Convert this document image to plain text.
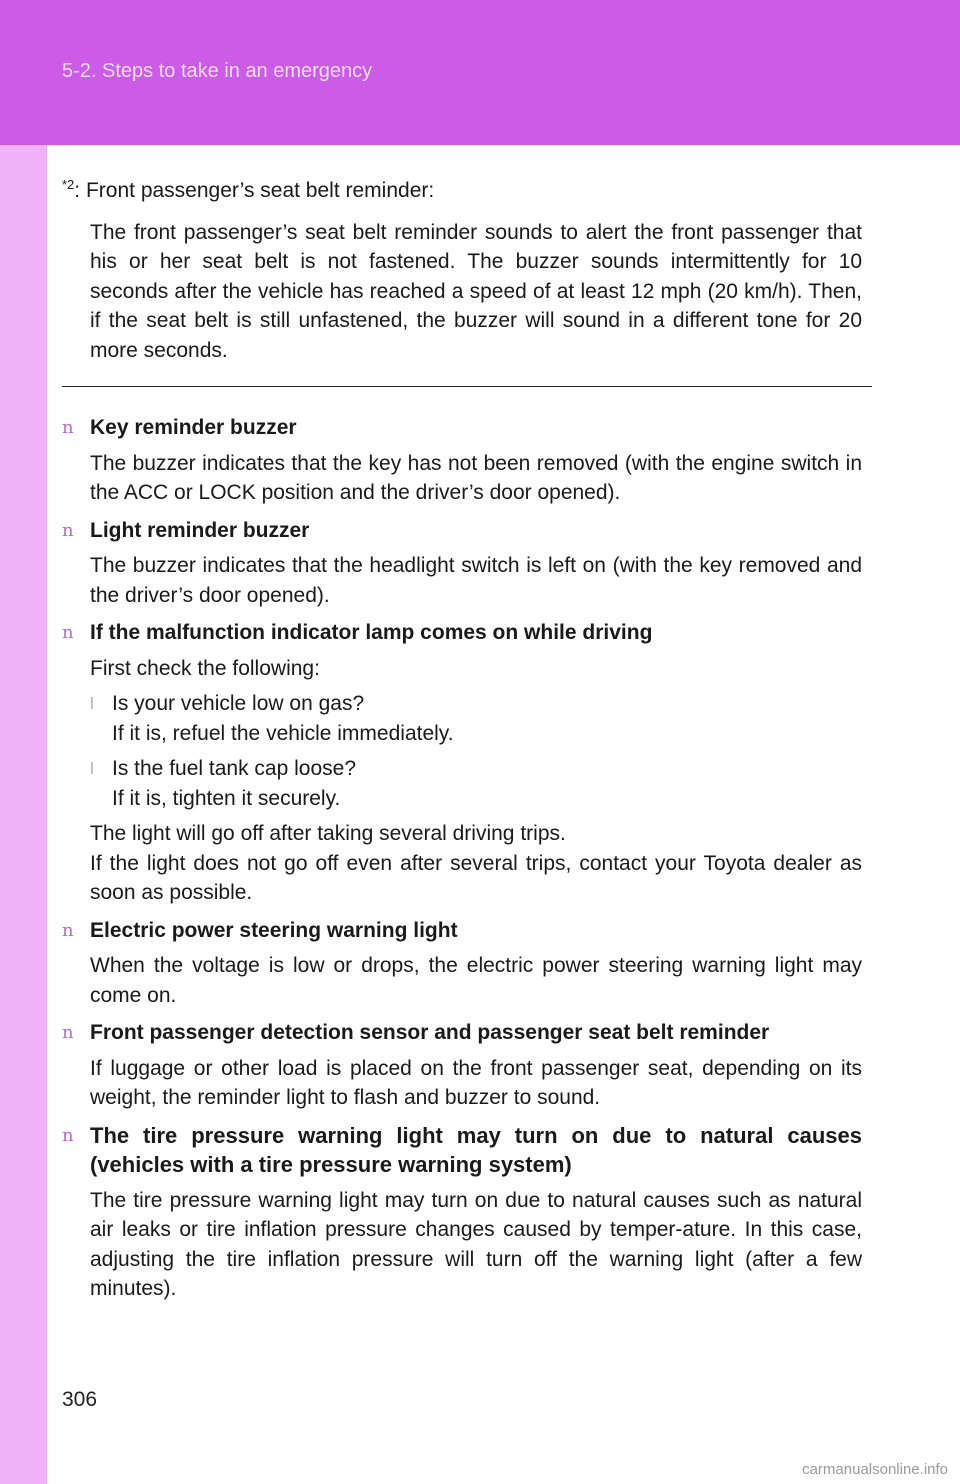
5-2. Steps to take in an emergency

$^{*2}$: Front passenger’s seat belt reminder:

The front passenger’s seat belt reminder sounds to alert the front passenger that his or her seat belt is not fastened. The buzzer sounds intermittently for 10 seconds after the vehicle has reached a speed of at least 12 mph (20 km/h). Then, if the seat belt is still unfastened, the buzzer will sound in a different tone for 20 more seconds.

n Key reminder buzzer

The buzzer indicates that the key has not been removed (with the engine switch in the ACC or LOCK position and the driver’s door opened).

n Light reminder buzzer

The buzzer indicates that the headlight switch is left on (with the key removed and the driver’s door opened).

n If the malfunction indicator lamp comes on while driving

First check the following:

l Is your vehicle low on gas?
If it is, refuel the vehicle immediately.
l Is the fuel tank cap loose?
If it is, tighten it securely.

The light will go off after taking several driving trips.

If the light does not go off even after several trips, contact your Toyota dealer as soon as possible.

n Electric power steering warning light

When the voltage is low or drops, the electric power steering warning light may come on.

n Front passenger detection sensor and passenger seat belt reminder

If luggage or other load is placed on the front passenger seat, depending on its weight, the reminder light to flash and buzzer to sound.

n The tire pressure warning light may turn on due to natural causes (vehicles with a tire pressure warning system)

The tire pressure warning light may turn on due to natural causes such as natural air leaks or tire inflation pressure changes caused by temper-ature. In this case, adjusting the tire inflation pressure will turn off the warning light (after a few minutes).

306
carmanualsonline.info
